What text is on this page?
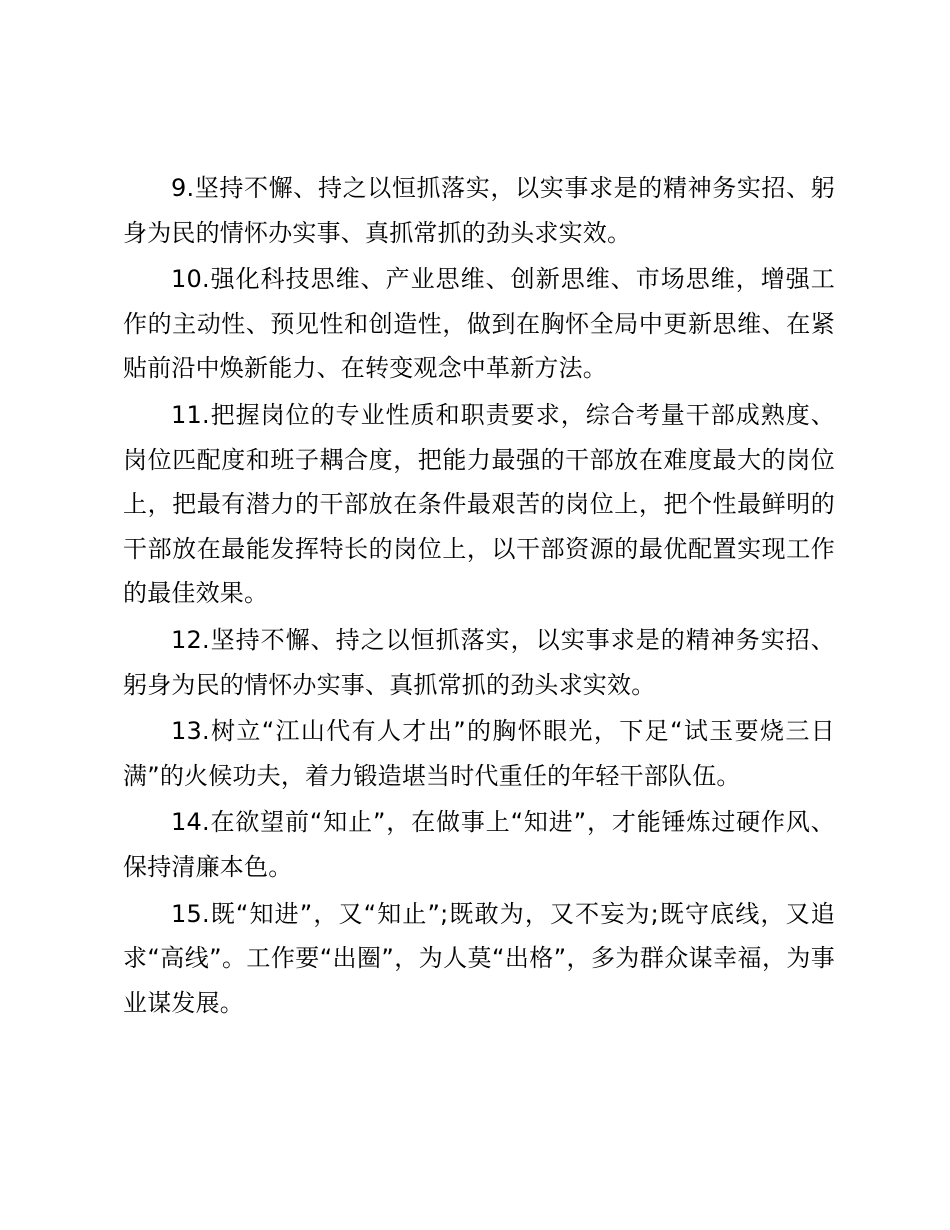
9.坚持不懈、持之以恒抓落实，以实事求是的精神务实招、躬身为民的情怀办实事、真抓常抓的劲头求实效。

10.强化科技思维、产业思维、创新思维、市场思维，增强工作的主动性、预见性和创造性，做到在胸怀全局中更新思维、在紧贴前沿中焕新能力、在转变观念中革新方法。

11.把握岗位的专业性质和职责要求，综合考量干部成熟度、岗位匹配度和班子耦合度，把能力最强的干部放在难度最大的岗位上，把最有潜力的干部放在条件最艰苦的岗位上，把个性最鲜明的干部放在最能发挥特长的岗位上，以干部资源的最优配置实现工作的最佳效果。

12.坚持不懈、持之以恒抓落实，以实事求是的精神务实招、躬身为民的情怀办实事、真抓常抓的劲头求实效。

13.树立“江山代有人才出”的胸怀眼光，下足“试玉要烧三日满”的火候功夫，着力锻造堪当时代重任的年轻干部队伍。

14.在欲望前“知止”，在做事上“知进”，才能锤炼过硬作风、保持清廉本色。

15.既“知进”，又“知止”;既敢为，又不妄为;既守底线，又追求“高线”。工作要“出圈”，为人莫“出格”，多为群众谋幸福，为事业谋发展。
